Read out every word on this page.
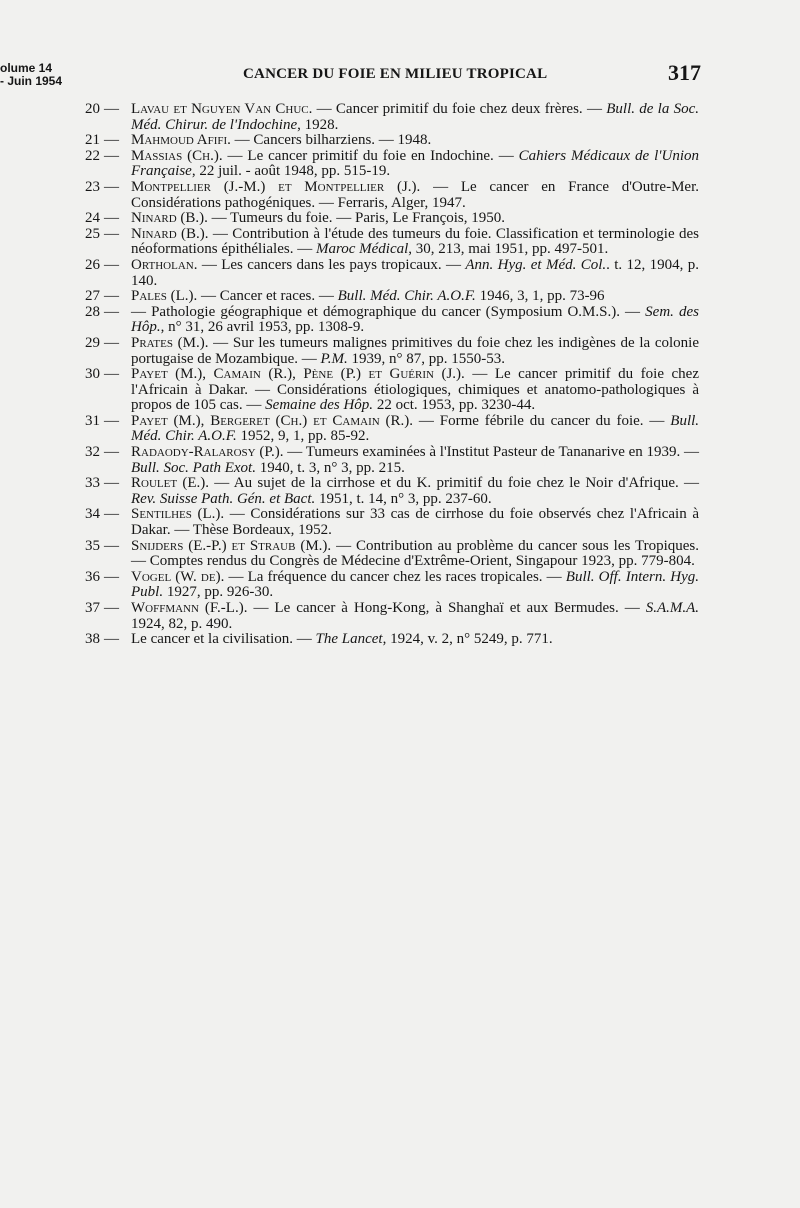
olume 14
- Juin 1954	CANCER DU FOIE EN MILIEU TROPICAL	317

20 — Lavau et Nguyen Van Chuc. — Cancer primitif du foie chez deux frères. — Bull. de la Soc. Méd. Chirur. de l'Indochine, 1928.

21 — Mahmoud Afifi. — Cancers bilharziens. — 1948.

22 — Massias (Ch.). — Le cancer primitif du foie en Indochine. — Cahiers Médicaux de l'Union Française, 22 juil. - août 1948, pp. 515-19.

23 — Montpellier (J.-M.) et Montpellier (J.). — Le cancer en France d'Outre-Mer. Considérations pathogéniques. — Ferraris, Alger, 1947.

24 — Ninard (B.). — Tumeurs du foie. — Paris, Le François, 1950.

25 — Ninard (B.). — Contribution à l'étude des tumeurs du foie. Classification et terminologie des néoformations épithéliales. — Maroc Médical, 30, 213, mai 1951, pp. 497-501.

26 — Ortholan. — Les cancers dans les pays tropicaux. — Ann. Hyg. et Méd. Col.. t. 12, 1904, p. 140.

27 — Pales (L.). — Cancer et races. — Bull. Méd. Chir. A.O.F. 1946, 3, 1, pp. 73-96

28 — — Pathologie géographique et démographique du cancer (Symposium O.M.S.). — Sem. des Hôp., n° 31, 26 avril 1953, pp. 1308-9.

29 — Prates (M.). — Sur les tumeurs malignes primitives du foie chez les indigènes de la colonie portugaise de Mozambique. — P.M. 1939, n° 87, pp. 1550-53.

30 — Payet (M.), Camain (R.), Pène (P.) et Guérin (J.). — Le cancer primitif du foie chez l'Africain à Dakar. — Considérations étiologiques, chimiques et anatomo-pathologiques à propos de 105 cas. — Semaine des Hôp. 22 oct. 1953, pp. 3230-44.

31 — Payet (M.), Bergeret (Ch.) et Camain (R.). — Forme fébrile du cancer du foie. — Bull. Méd. Chir. A.O.F. 1952, 9, 1, pp. 85-92.

32 — Radaody-Ralarosy (P.). — Tumeurs examinées à l'Institut Pasteur de Tananarive en 1939. — Bull. Soc. Path Exot. 1940, t. 3, n° 3, pp. 215.

33 — Roulet (E.). — Au sujet de la cirrhose et du K. primitif du foie chez le Noir d'Afrique. — Rev. Suisse Path. Gén. et Bact. 1951, t. 14, n° 3, pp. 237-60.

34 — Sentilhes (L.). — Considérations sur 33 cas de cirrhose du foie observés chez l'Africain à Dakar. — Thèse Bordeaux, 1952.

35 — Snijders (E.-P.) et Straub (M.). — Contribution au problème du cancer sous les Tropiques. — Comptes rendus du Congrès de Médecine d'Extrême-Orient, Singapour 1923, pp. 779-804.

36 — Vogel (W. de). — La fréquence du cancer chez les races tropicales. — Bull. Off. Intern. Hyg. Publ. 1927, pp. 926-30.

37 — Woffmann (F.-L.). — Le cancer à Hong-Kong, à Shanghaï et aux Bermudes. — S.A.M.A. 1924, 82, p. 490.

38 — Le cancer et la civilisation. — The Lancet, 1924, v. 2, n° 5249, p. 771.
